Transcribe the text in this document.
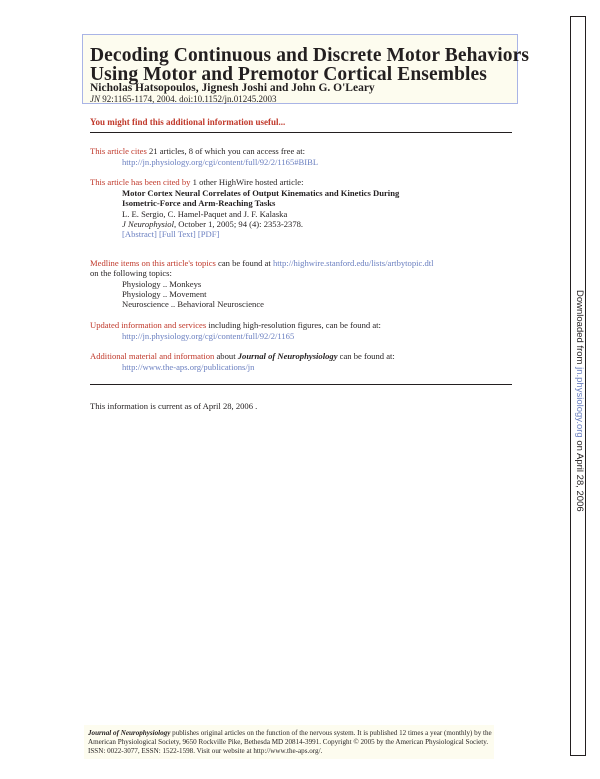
Decoding Continuous and Discrete Motor Behaviors
Using Motor and Premotor Cortical Ensembles
Nicholas Hatsopoulos, Jignesh Joshi and John G. O'Leary
JN 92:1165-1174, 2004. doi:10.1152/jn.01245.2003
You might find this additional information useful...
This article cites 21 articles, 8 of which you can access free at:
http://jn.physiology.org/cgi/content/full/92/2/1165#BIBL
This article has been cited by 1 other HighWire hosted article:
Motor Cortex Neural Correlates of Output Kinematics and Kinetics During
Isometric-Force and Arm-Reaching Tasks
L. E. Sergio, C. Hamel-Paquet and J. F. Kalaska
J Neurophysiol, October 1, 2005; 94 (4): 2353-2378.
[Abstract] [Full Text] [PDF]
Medline items on this article's topics can be found at http://highwire.stanford.edu/lists/artbytopic.dtl
on the following topics:
Physiology .. Monkeys
Physiology .. Movement
Neuroscience .. Behavioral Neuroscience
Updated information and services including high-resolution figures, can be found at:
http://jn.physiology.org/cgi/content/full/92/2/1165
Additional material and information about Journal of Neurophysiology can be found at:
http://www.the-aps.org/publications/jn
This information is current as of April 28, 2006 .
Downloaded from jn.physiology.org on April 28, 2006
Journal of Neurophysiology publishes original articles on the function of the nervous system. It is published 12 times a year (monthly) by the American Physiological Society, 9650 Rockville Pike, Bethesda MD 20814-3991. Copyright © 2005 by the American Physiological Society. ISSN: 0022-3077, ESSN: 1522-1598. Visit our website at http://www.the-aps.org/.
